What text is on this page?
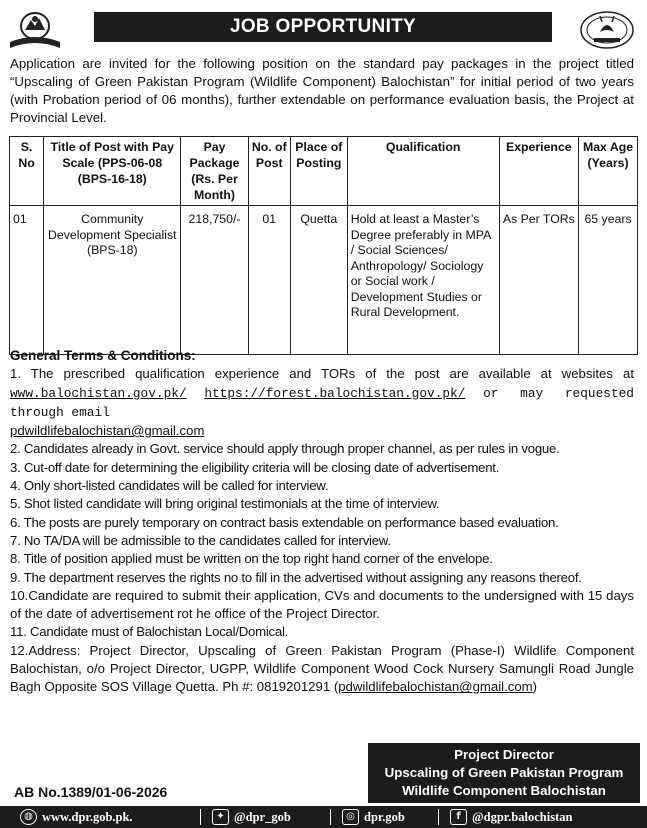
JOB OPPORTUNITY
Application are invited for the following position on the standard pay packages in the project titled “Upscaling of Green Pakistan Program (Wildlife Component) Balochistan” for initial period of two years (with Probation period of 06 months), further extendable on performance evaluation basis, the Project at Provincial Level.
S. No	Title of Post with Pay Scale (PPS-06-08 (BPS-16-18)	Pay Package (Rs. Per Month)	No. of Post	Place of Posting	Qualification	Experience	Max Age (Years)
01	Community Development Specialist (BPS-18)	218,750/-	01	Quetta	Hold at least a Master’s Degree preferably in MPA / Social Sciences/ Anthropology/ Sociology or Social work / Development Studies or Rural Development.	As Per TORs	65 years
General Terms & Conditions:
1. The prescribed qualification experience and TORs of the post are available at websites at www.balochistan.gov.pk/ https://forest.balochistan.gov.pk/ or may requested through email
pdwildlifebalochistan@gmail.com
2. Candidates already in Govt. service should apply through proper channel, as per rules in vogue.
3. Cut-off date for determining the eligibility criteria will be closing date of advertisement.
4. Only short-listed candidates will be called for interview.
5. Shot listed candidate will bring original testimonials at the time of interview.
6. The posts are purely temporary on contract basis extendable on performance based evaluation.
7. No TA/DA will be admissible to the candidates called for interview.
8. Title of position applied must be written on the top right hand corner of the envelope.
9. The department reserves the rights no to fill in the advertised without assigning any reasons thereof.
10.Candidate are required to submit their application, CVs and documents to the undersigned with 15 days of the date of advertisement rot he office of the Project Director.
11. Candidate must of Balochistan Local/Domical.
12.Address: Project Director, Upscaling of Green Pakistan Program (Phase-I) Wildlife Component Balochistan, o/o Project Director, UGPP, Wildlife Component Wood Cock Nursery Samungli Road Jungle Bagh Opposite SOS Village Quetta. Ph #: 0819201291 (pdwildlifebalochistan@gmail.com)
Project Director
Upscaling of Green Pakistan Program
Wildlife Component Balochistan
AB No.1389/01-06-2026
◍ www.dpr.gob.pk.	✦ @dpr_gob	◎ dpr.gob	f @dgpr.balochistan
